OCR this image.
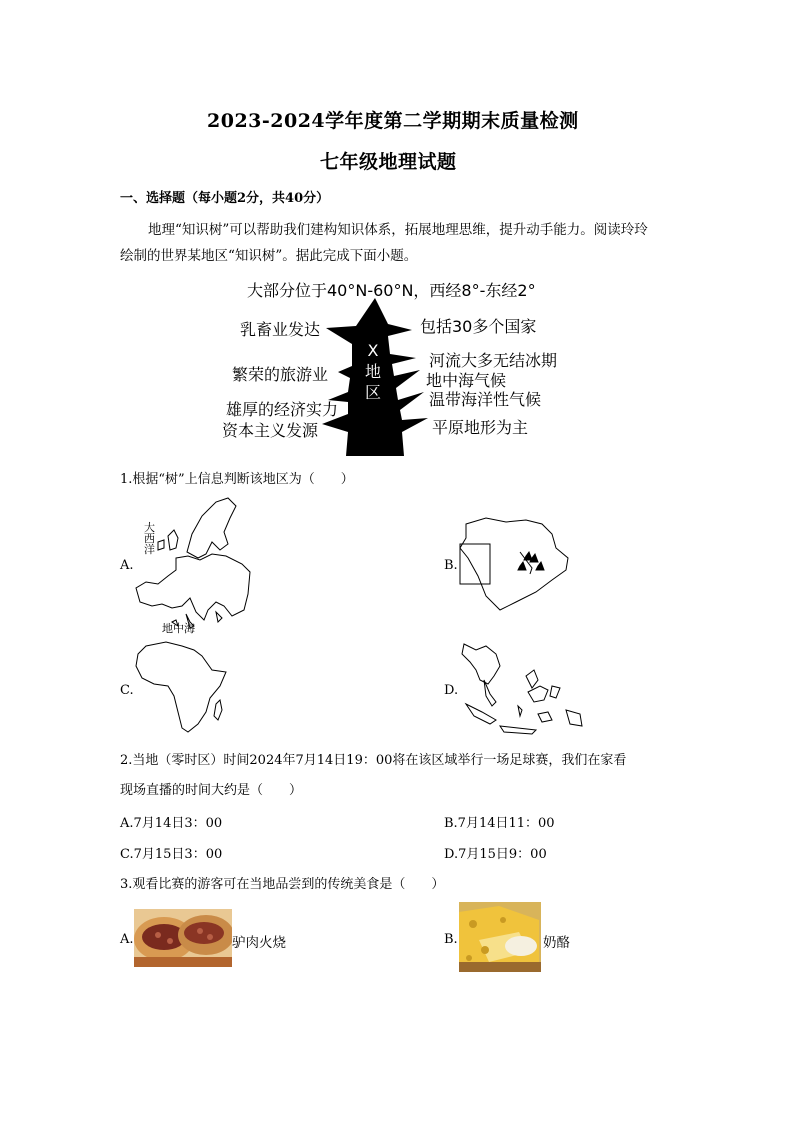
2023-2024学年度第二学期期末质量检测
七年级地理试题
一、选择题（每小题2分，共40分）
地理“知识树”可以帮助我们建构知识体系，拓展地理思维，提升动手能力。阅读玲玲
绘制的世界某地区“知识树”。据此完成下面小题。
X
地
区
大部分位于40°N-60°N，西经8°-东经2°
乳畜业发达
繁荣的旅游业
雄厚的经济实力
资本主义发源
包括30多个国家
河流大多无结冰期
地中海气候
温带海洋性气候
平原地形为主
1.根据“树”上信息判断该地区为（　　）
A.
大
西
洋
地中海
B.
C.	D.
2.当地（零时区）时间2024年7月14日19：00将在该区域举行一场足球赛，我们在家看
现场直播的时间大约是（　　）
A.7月14日3：00	B.7月14日11：00
C.7月15日3：00	D.7月15日9：00
3.观看比赛的游客可在当地品尝到的传统美食是（　　）
A.	驴肉火烧	B.	奶酪
